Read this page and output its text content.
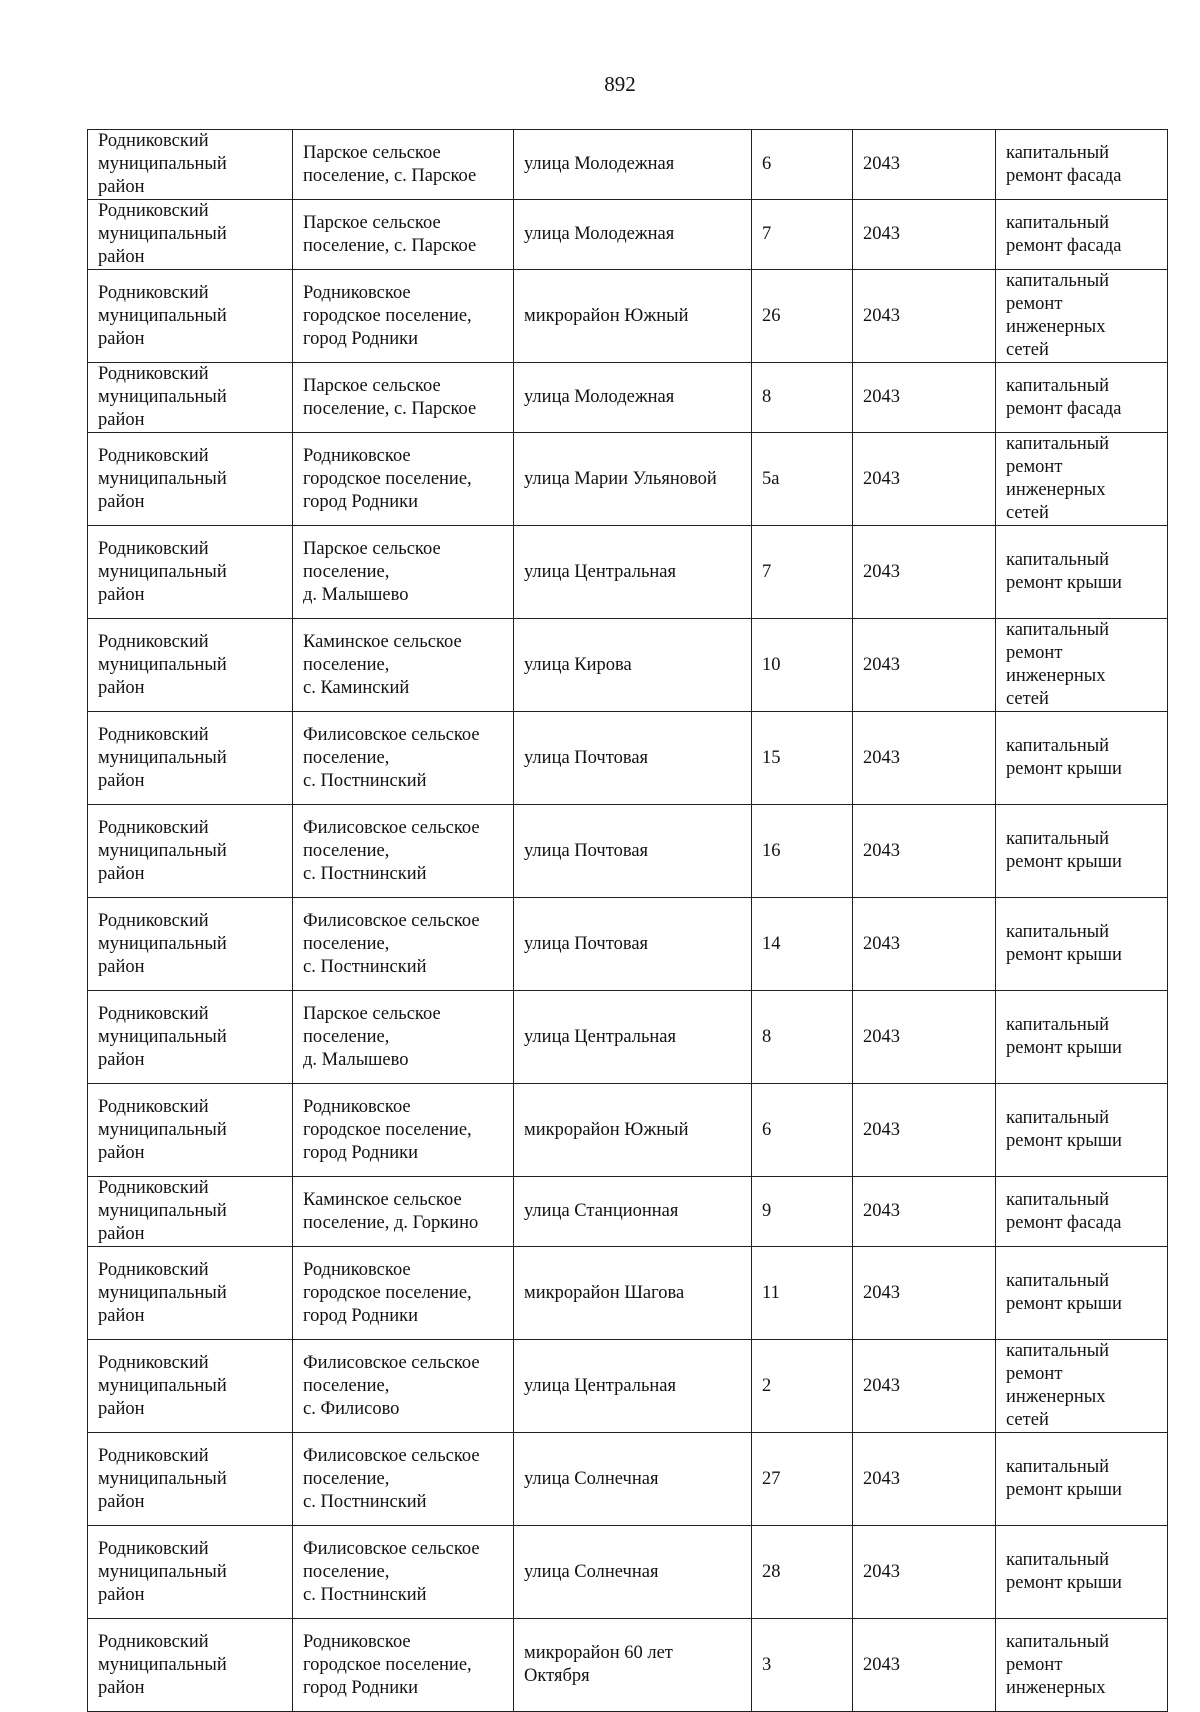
892
Родниковский
муниципальный
район	Парское сельское
поселение, с. Парское	улица Молодежная	6	2043	капитальный
ремонт фасада
Родниковский
муниципальный
район	Парское сельское
поселение, с. Парское	улица Молодежная	7	2043	капитальный
ремонт фасада
Родниковский
муниципальный
район	Родниковское
городское поселение,
город Родники	микрорайон Южный	26	2043	капитальный
ремонт
инженерных
сетей
Родниковский
муниципальный
район	Парское сельское
поселение, с. Парское	улица Молодежная	8	2043	капитальный
ремонт фасада
Родниковский
муниципальный
район	Родниковское
городское поселение,
город Родники	улица Марии Ульяновой	5а	2043	капитальный
ремонт
инженерных
сетей
Родниковский
муниципальный
район	Парское сельское
поселение,
д. Малышево	улица Центральная	7	2043	капитальный
ремонт крыши
Родниковский
муниципальный
район	Каминское сельское
поселение,
с. Каминский	улица Кирова	10	2043	капитальный
ремонт
инженерных
сетей
Родниковский
муниципальный
район	Филисовское сельское
поселение,
с. Постнинский	улица Почтовая	15	2043	капитальный
ремонт крыши
Родниковский
муниципальный
район	Филисовское сельское
поселение,
с. Постнинский	улица Почтовая	16	2043	капитальный
ремонт крыши
Родниковский
муниципальный
район	Филисовское сельское
поселение,
с. Постнинский	улица Почтовая	14	2043	капитальный
ремонт крыши
Родниковский
муниципальный
район	Парское сельское
поселение,
д. Малышево	улица Центральная	8	2043	капитальный
ремонт крыши
Родниковский
муниципальный
район	Родниковское
городское поселение,
город Родники	микрорайон Южный	6	2043	капитальный
ремонт крыши
Родниковский
муниципальный
район	Каминское сельское
поселение, д. Горкино	улица Станционная	9	2043	капитальный
ремонт фасада
Родниковский
муниципальный
район	Родниковское
городское поселение,
город Родники	микрорайон Шагова	11	2043	капитальный
ремонт крыши
Родниковский
муниципальный
район	Филисовское сельское
поселение,
с. Филисово	улица Центральная	2	2043	капитальный
ремонт
инженерных
сетей
Родниковский
муниципальный
район	Филисовское сельское
поселение,
с. Постнинский	улица Солнечная	27	2043	капитальный
ремонт крыши
Родниковский
муниципальный
район	Филисовское сельское
поселение,
с. Постнинский	улица Солнечная	28	2043	капитальный
ремонт крыши
Родниковский
муниципальный
район	Родниковское
городское поселение,
город Родники	микрорайон 60 лет
Октября	3	2043	капитальный
ремонт
инженерных
